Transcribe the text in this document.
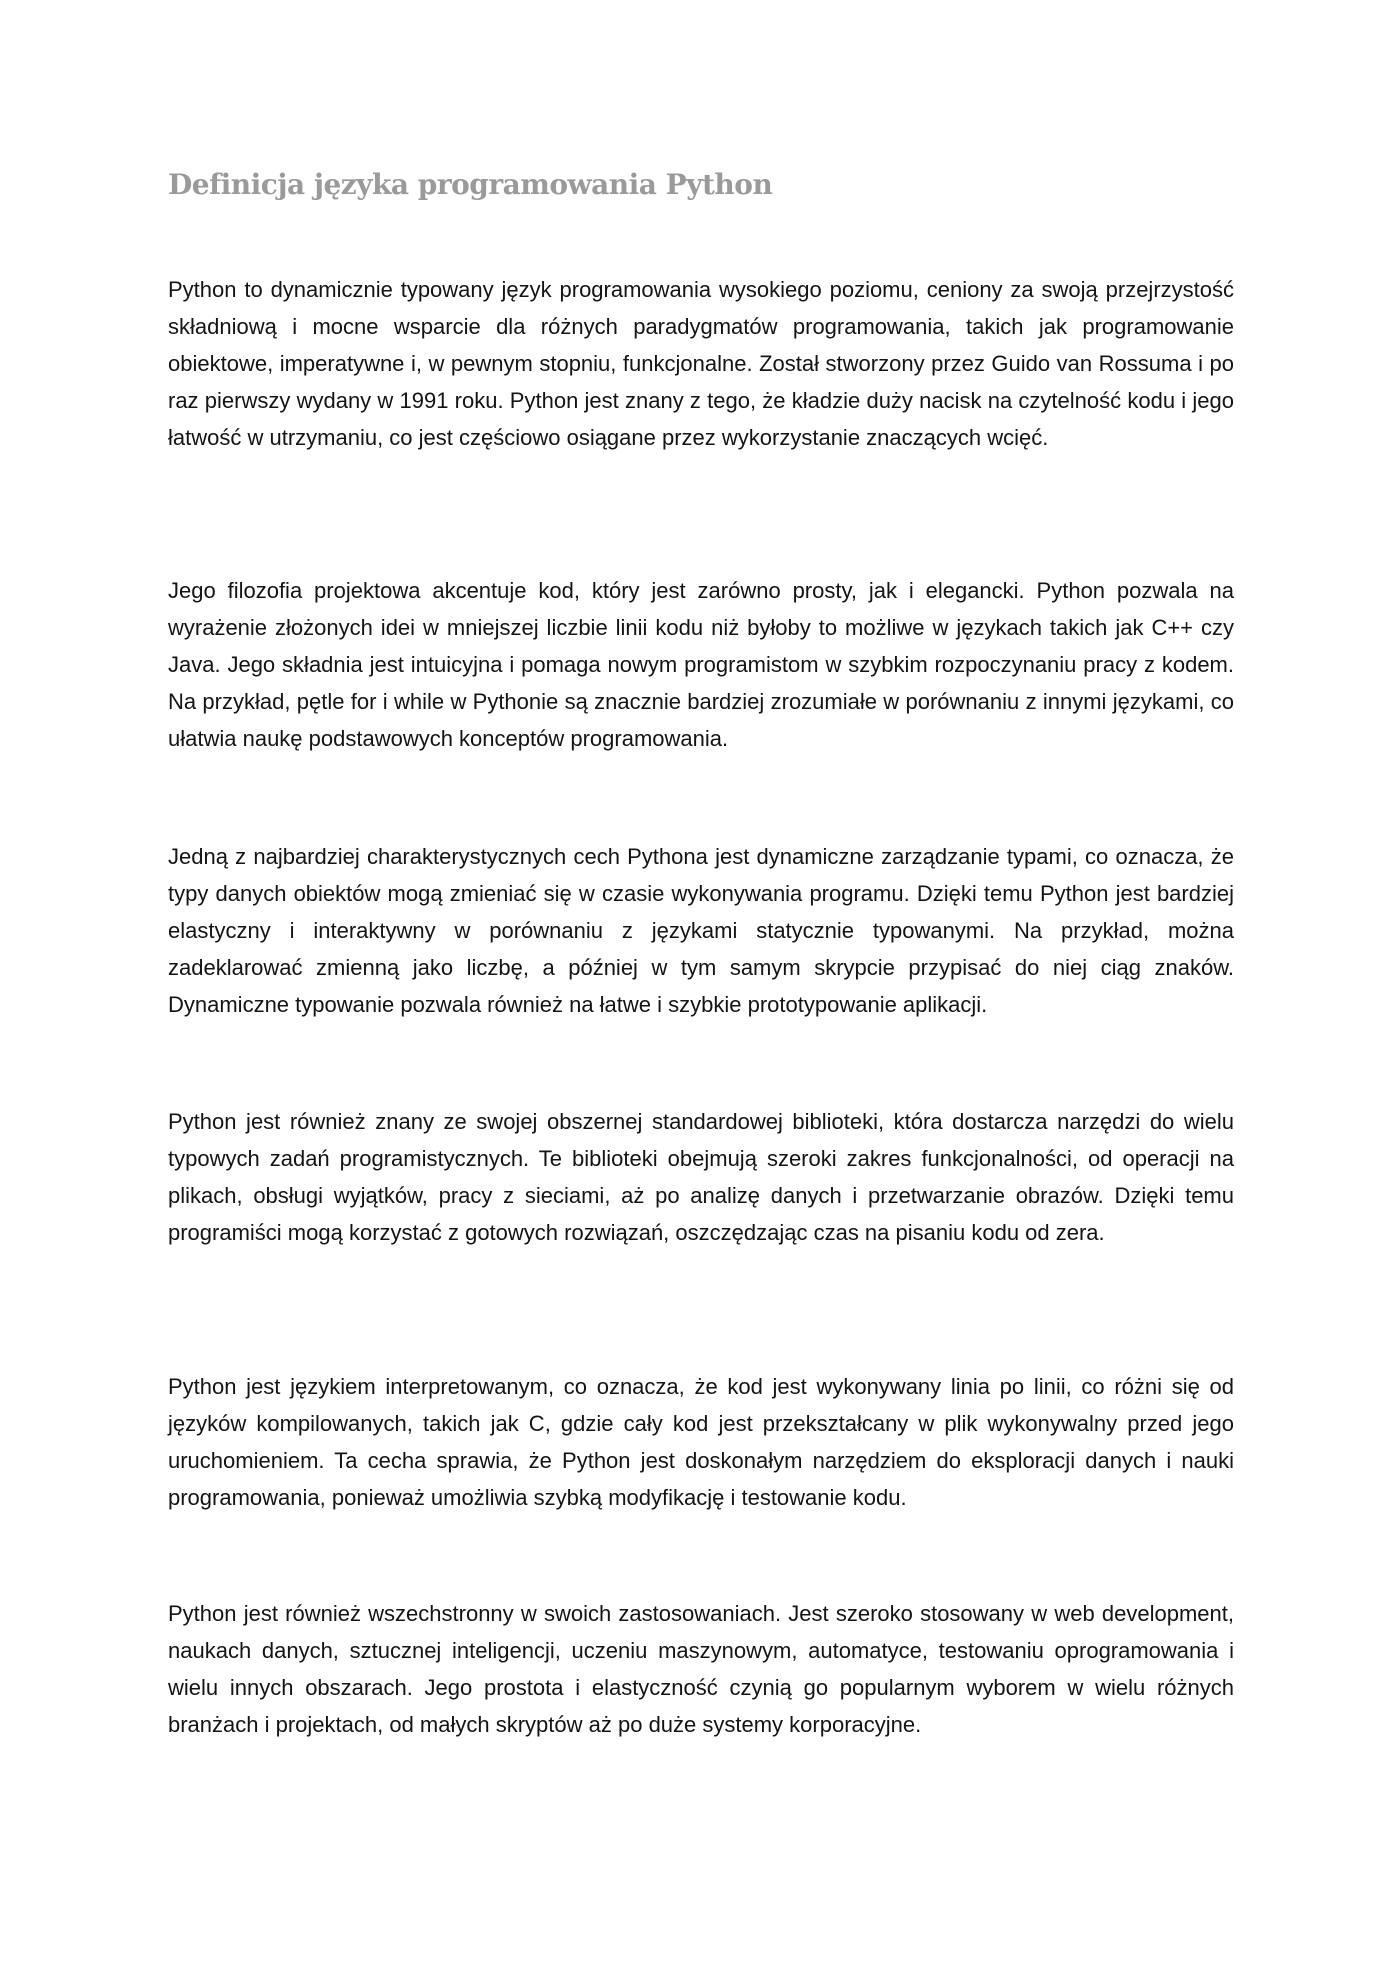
Definicja języka programowania Python

Python to dynamicznie typowany język programowania wysokiego poziomu, ceniony za swoją przejrzystość składniową i mocne wsparcie dla różnych paradygmatów programowania, takich jak programowanie obiektowe, imperatywne i, w pewnym stopniu, funkcjonalne. Został stworzony przez Guido van Rossuma i po raz pierwszy wydany w 1991 roku. Python jest znany z tego, że kładzie duży nacisk na czytelność kodu i jego łatwość w utrzymaniu, co jest częściowo osiągane przez wykorzystanie znaczących wcięć.

Jego filozofia projektowa akcentuje kod, który jest zarówno prosty, jak i elegancki. Python pozwala na wyrażenie złożonych idei w mniejszej liczbie linii kodu niż byłoby to możliwe w językach takich jak C++ czy Java. Jego składnia jest intuicyjna i pomaga nowym programistom w szybkim rozpoczynaniu pracy z kodem. Na przykład, pętle for i while w Pythonie są znacznie bardziej zrozumiałe w porównaniu z innymi językami, co ułatwia naukę podstawowych konceptów programowania.

Jedną z najbardziej charakterystycznych cech Pythona jest dynamiczne zarządzanie typami, co oznacza, że typy danych obiektów mogą zmieniać się w czasie wykonywania programu. Dzięki temu Python jest bardziej elastyczny i interaktywny w porównaniu z językami statycznie typowanymi. Na przykład, można zadeklarować zmienną jako liczbę, a później w tym samym skrypcie przypisać do niej ciąg znaków. Dynamiczne typowanie pozwala również na łatwe i szybkie prototypowanie aplikacji.

Python jest również znany ze swojej obszernej standardowej biblioteki, która dostarcza narzędzi do wielu typowych zadań programistycznych. Te biblioteki obejmują szeroki zakres funkcjonalności, od operacji na plikach, obsługi wyjątków, pracy z sieciami, aż po analizę danych i przetwarzanie obrazów. Dzięki temu programiści mogą korzystać z gotowych rozwiązań, oszczędzając czas na pisaniu kodu od zera.

Python jest językiem interpretowanym, co oznacza, że kod jest wykonywany linia po linii, co różni się od języków kompilowanych, takich jak C, gdzie cały kod jest przekształcany w plik wykonywalny przed jego uruchomieniem. Ta cecha sprawia, że Python jest doskonałym narzędziem do eksploracji danych i nauki programowania, ponieważ umożliwia szybką modyfikację i testowanie kodu.

Python jest również wszechstronny w swoich zastosowaniach. Jest szeroko stosowany w web development, naukach danych, sztucznej inteligencji, uczeniu maszynowym, automatyce, testowaniu oprogramowania i wielu innych obszarach. Jego prostota i elastyczność czynią go popularnym wyborem w wielu różnych branżach i projektach, od małych skryptów aż po duże systemy korporacyjne.
